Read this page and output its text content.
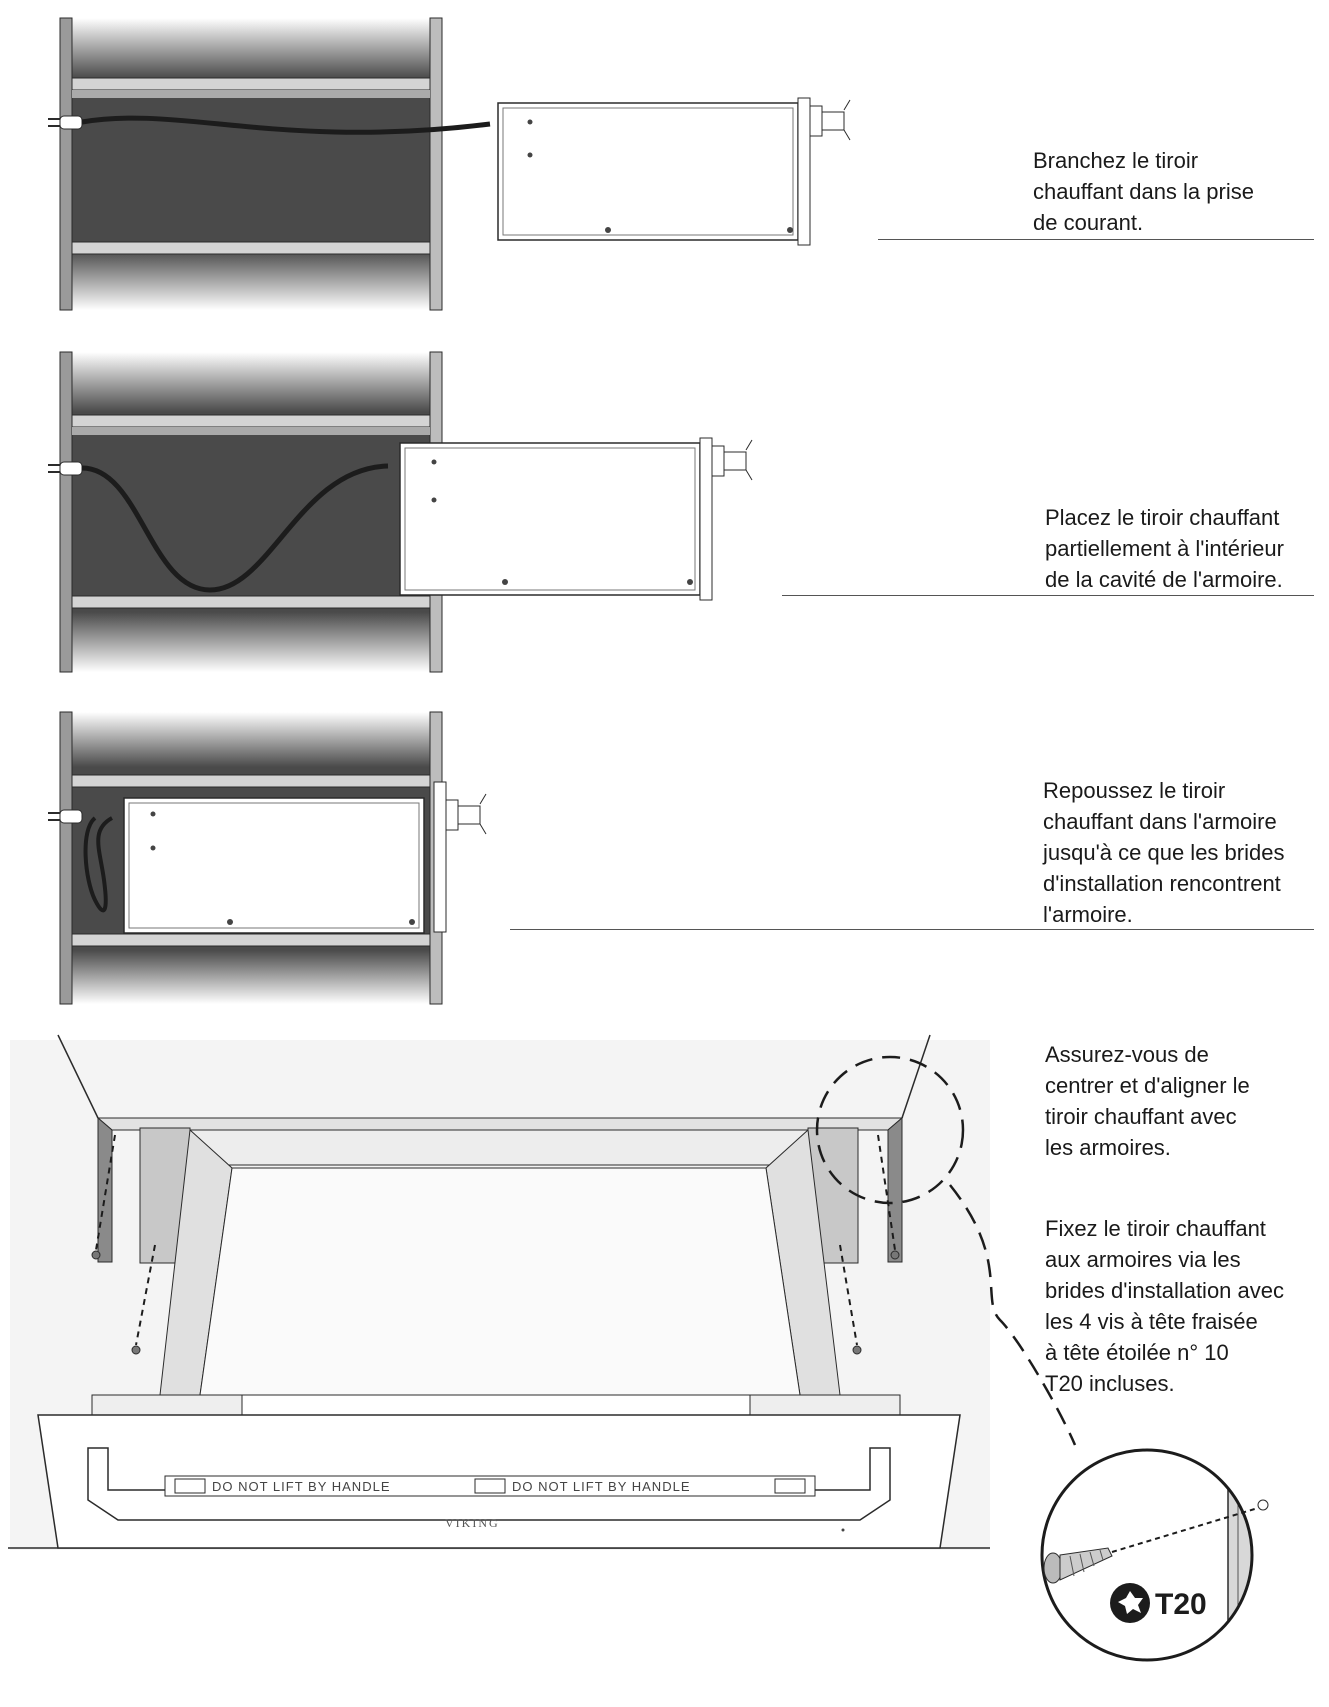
Branchez le tiroir
chauffant dans la prise
de courant.

Placez le tiroir chauffant
partiellement à l'intérieur
de la cavité de l'armoire.

Repoussez le tiroir
chauffant dans l'armoire
jusqu'à ce que les brides
d'installation rencontrent
l'armoire.

Assurez-vous de
centrer et d'aligner le
tiroir chauffant avec
les armoires.

Fixez le tiroir chauffant
aux armoires via les
brides d'installation avec
les 4 vis à tête fraisée
à tête étoilée n° 10
T20 incluses.

DO NOT LIFT BY HANDLE	DO NOT LIFT BY HANDLE
VIKING
T20
